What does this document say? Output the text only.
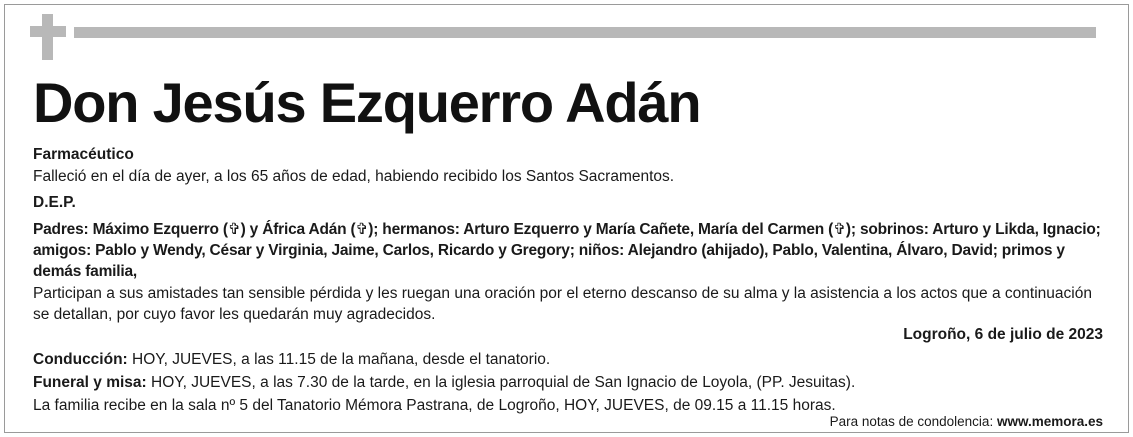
Don Jesús Ezquerro Adán
Farmacéutico
Falleció en el día de ayer, a los 65 años de edad, habiendo recibido los Santos Sacramentos.
D.E.P.
Padres: Máximo Ezquerro (✞) y África Adán (✞); hermanos: Arturo Ezquerro y María Cañete, María del Carmen (✞); sobrinos: Arturo y Likda, Ignacio; amigos: Pablo y Wendy, César y Virginia, Jaime, Carlos, Ricardo y Gregory; niños: Alejandro (ahijado), Pablo, Valentina, Álvaro, David; primos y demás familia,
Participan a sus amistades tan sensible pérdida y les ruegan una oración por el eterno descanso de su alma y la asistencia a los actos que a continuación se detallan, por cuyo favor les quedarán muy agradecidos.
Logroño, 6 de julio de 2023
Conducción: HOY, JUEVES, a las 11.15 de la mañana, desde el tanatorio.
Funeral y misa: HOY, JUEVES, a las 7.30 de la tarde, en la iglesia parroquial de San Ignacio de Loyola, (PP. Jesuitas).
La familia recibe en la sala nº 5 del Tanatorio Mémora Pastrana, de Logroño, HOY, JUEVES, de 09.15 a 11.15 horas.
Para notas de condolencia: www.memora.es
